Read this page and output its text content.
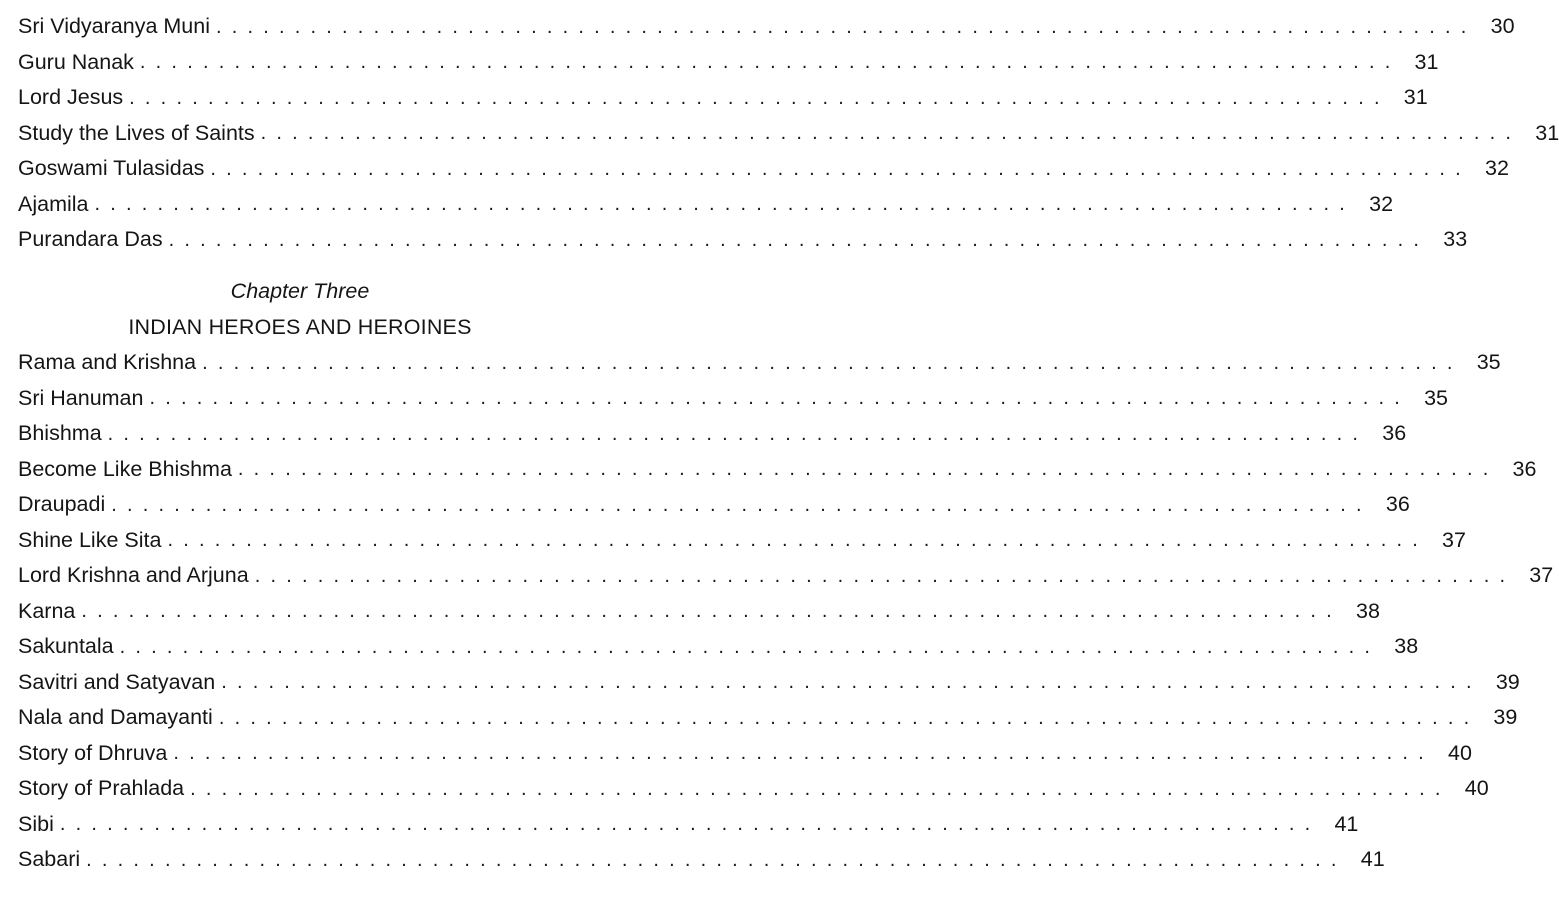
Sri Vidyaranya Muni ................................................................................ 30
Guru Nanak ................................................................................ 31
Lord Jesus ................................................................................ 31
Study the Lives of Saints ................................................................................ 31
Goswami Tulasidas ................................................................................ 32
Ajamila ................................................................................ 32
Purandara Das ................................................................................ 33
Chapter Three
INDIAN HEROES AND HEROINES
Rama and Krishna ................................................................................ 35
Sri Hanuman ................................................................................ 35
Bhishma ................................................................................ 36
Become Like Bhishma ................................................................................ 36
Draupadi ................................................................................ 36
Shine Like Sita ................................................................................ 37
Lord Krishna and Arjuna ................................................................................ 37
Karna ................................................................................ 38
Sakuntala ................................................................................ 38
Savitri and Satyavan ................................................................................ 39
Nala and Damayanti ................................................................................ 39
Story of Dhruva ................................................................................ 40
Story of Prahlada ................................................................................ 40
Sibi ................................................................................ 41
Sabari ................................................................................ 41
